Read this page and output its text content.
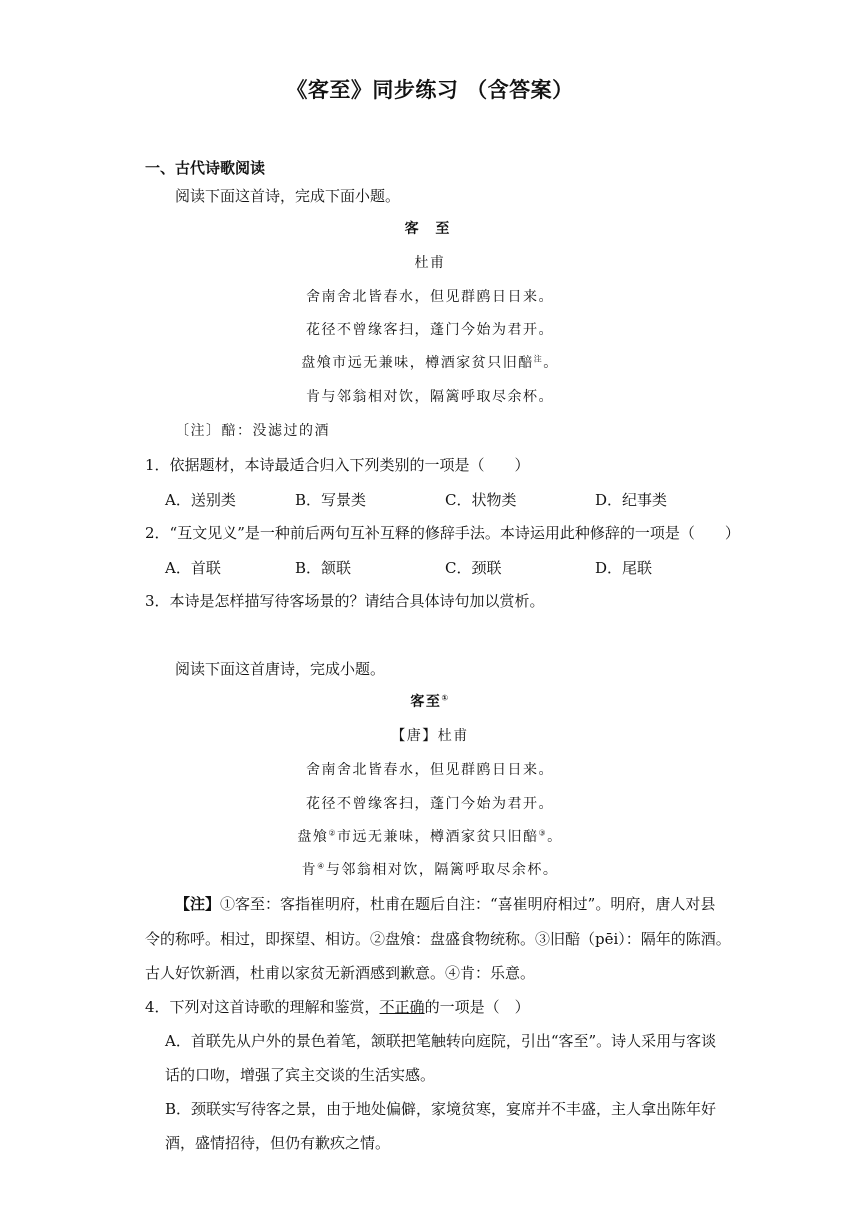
《客至》同步练习 （含答案）
一、古代诗歌阅读
阅读下面这首诗，完成下面小题。
客 至
杜甫
舍南舍北皆春水，但见群鸥日日来。
花径不曾缘客扫，蓬门今始为君开。
盘飧市远无兼味，樽酒家贫只旧醅$^注$。
肯与邻翁相对饮，隔篱呼取尽余杯。
〔注〕醅：没滤过的酒
1．依据题材，本诗最适合归入下列类别的一项是（　　）
A．送别类	B．写景类	C．状物类	D．纪事类
2．“互文见义”是一种前后两句互补互释的修辞手法。本诗运用此种修辞的一项是（　　）
A．首联	B．颔联	C．颈联	D．尾联
3．本诗是怎样描写待客场景的？请结合具体诗句加以赏析。
阅读下面这首唐诗，完成小题。
客至①
【唐】杜甫
舍南舍北皆春水，但见群鸥日日来。
花径不曾缘客扫，蓬门今始为君开。
盘飧②市远无兼味，樽酒家贫只旧醅③。
肯④与邻翁相对饮，隔篱呼取尽余杯。
【注】①客至：客指崔明府，杜甫在题后自注：“喜崔明府相过”。明府，唐人对县
令的称呼。相过，即探望、相访。②盘飧：盘盛食物统称。③旧醅（pēi）：隔年的陈酒。
古人好饮新酒，杜甫以家贫无新酒感到歉意。④肯：乐意。
4．下列对这首诗歌的理解和鉴赏，不正确的一项是（　）
A．首联先从户外的景色着笔，颔联把笔触转向庭院，引出“客至”。诗人采用与客谈
话的口吻，增强了宾主交谈的生活实感。
B．颈联实写待客之景，由于地处偏僻，家境贫寒，宴席并不丰盛，主人拿出陈年好
酒，盛情招待，但仍有歉疚之情。
